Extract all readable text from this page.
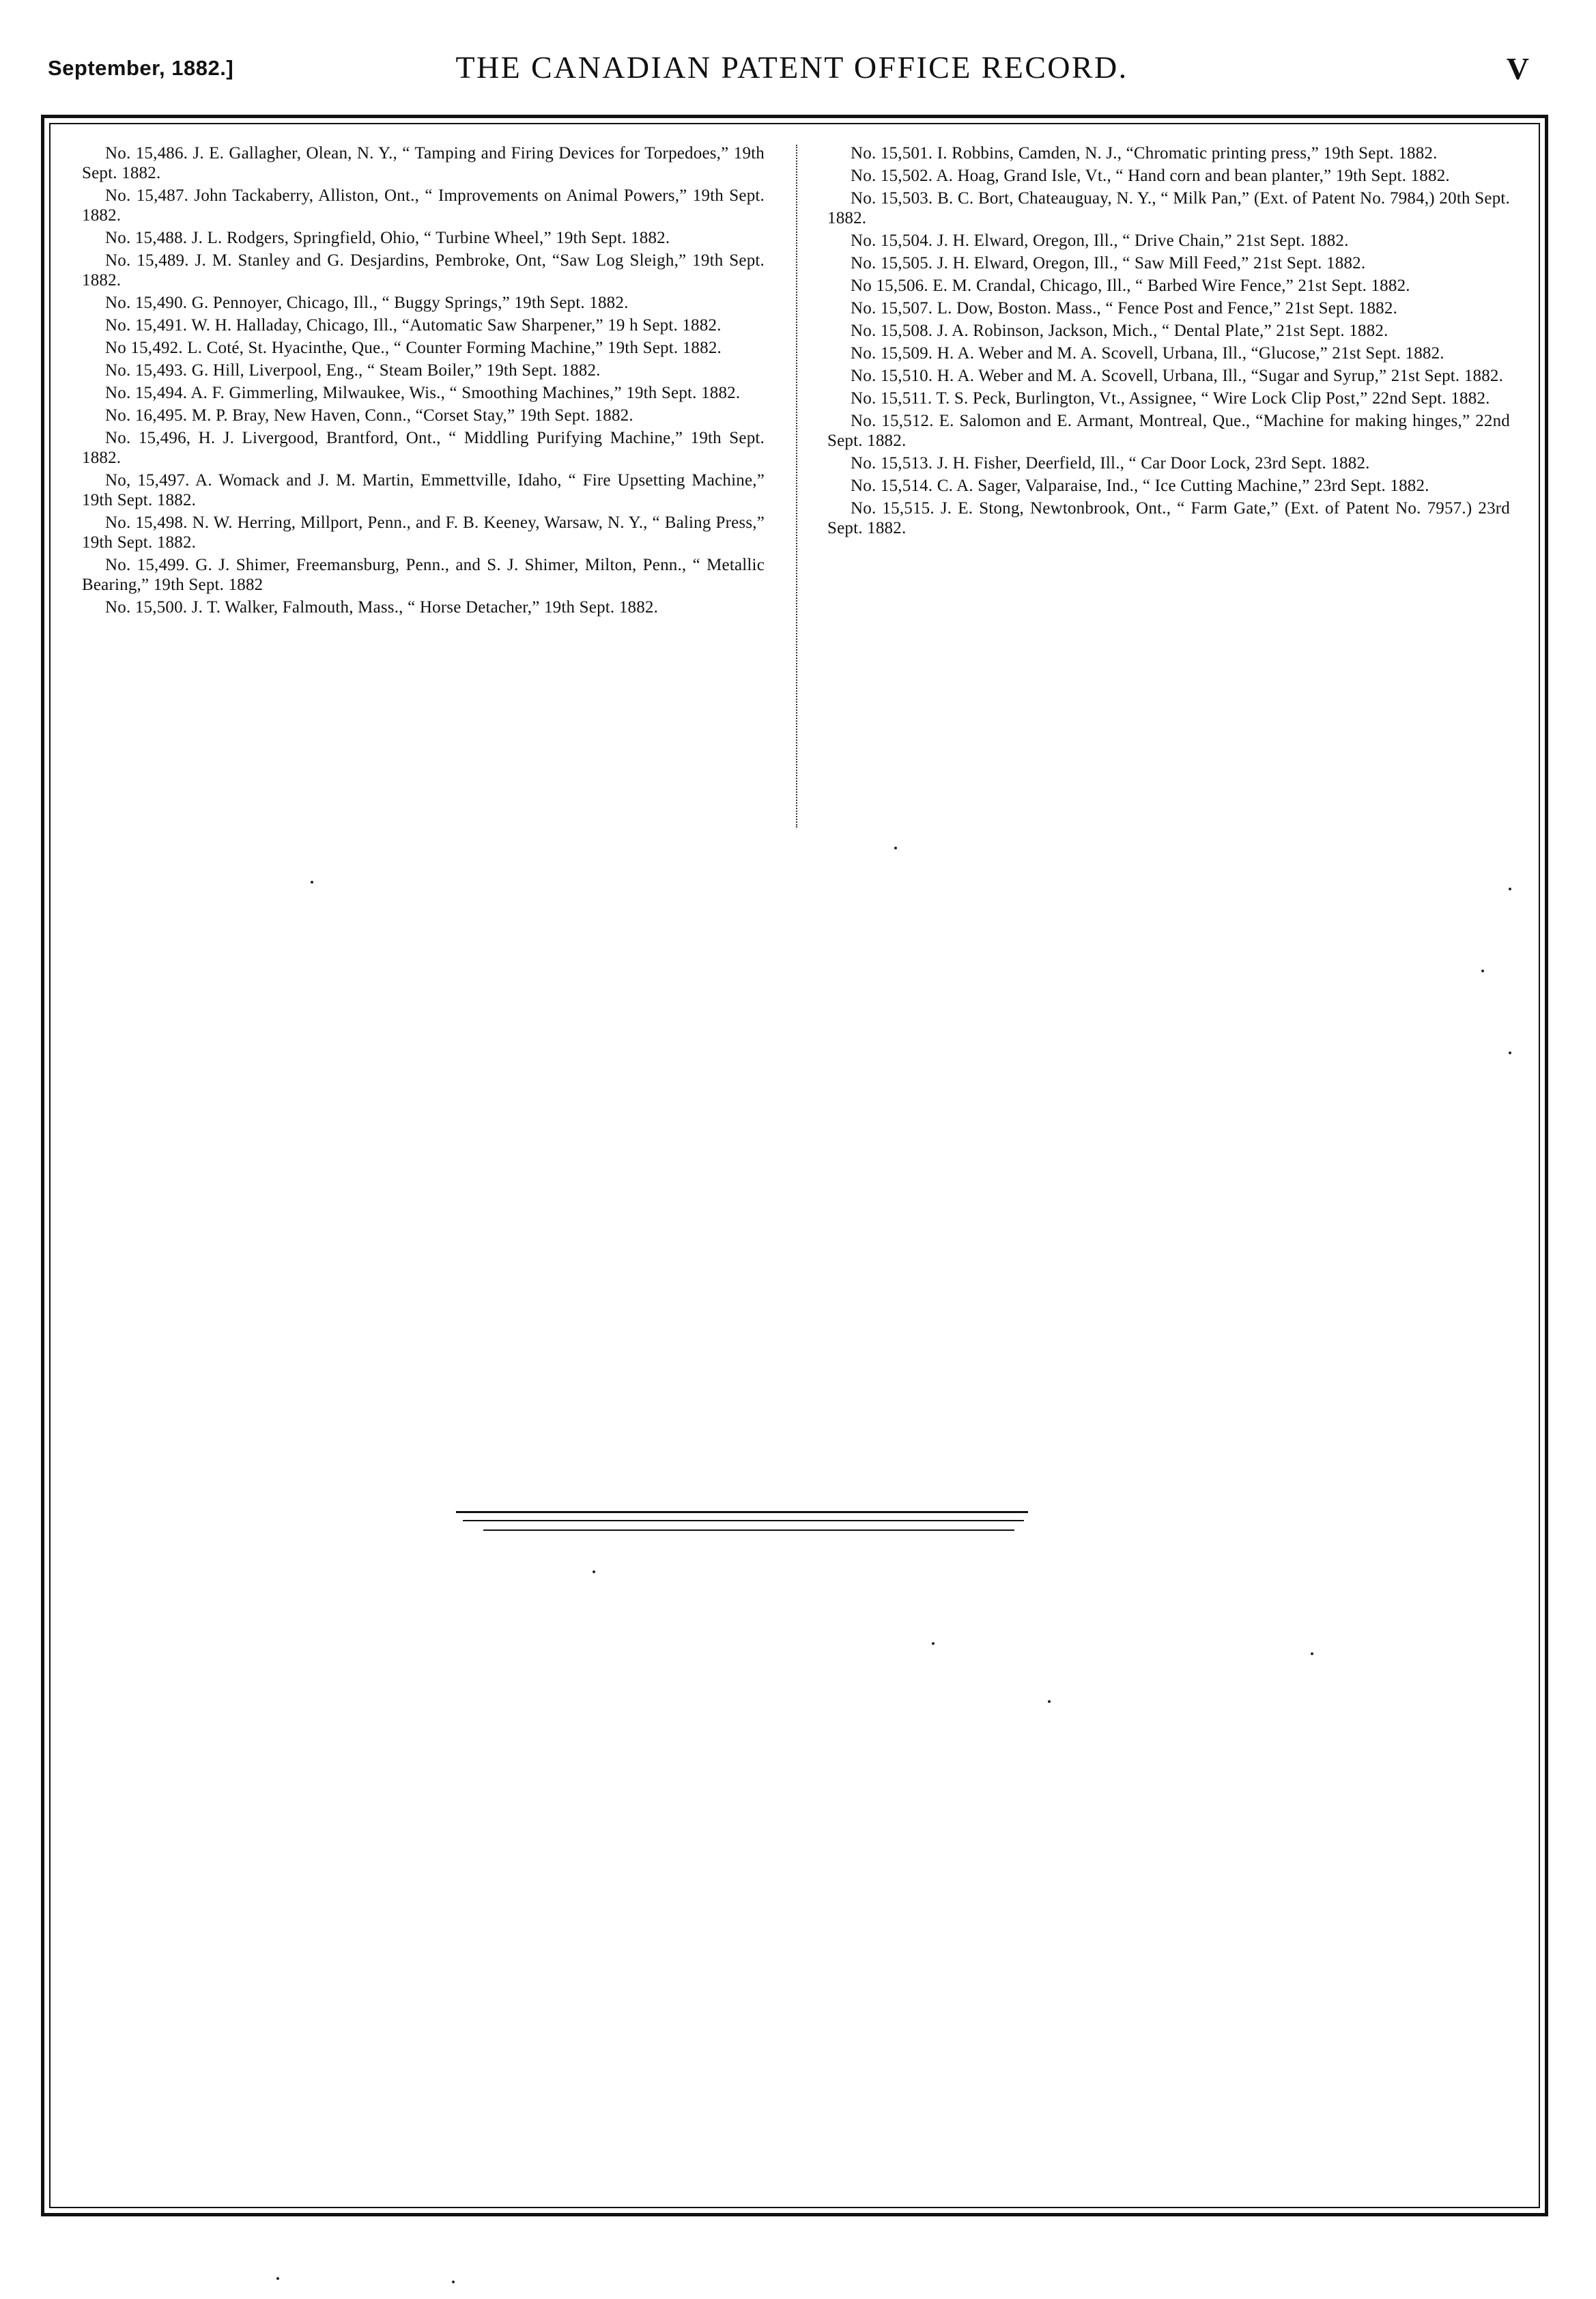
September, 1882.]	THE CANADIAN PATENT OFFICE RECORD.	V

No. 15,486. J. E. Gallagher, Olean, N. Y., “ Tamping and Firing Devices for Torpedoes,” 19th Sept. 1882.

No. 15,487. John Tackaberry, Alliston, Ont., “ Improvements on Animal Powers,” 19th Sept. 1882.

No. 15,488. J. L. Rodgers, Springfield, Ohio, “ Turbine Wheel,” 19th Sept. 1882.

No. 15,489. J. M. Stanley and G. Desjardins, Pembroke, Ont, “Saw Log Sleigh,” 19th Sept. 1882.

No. 15,490. G. Pennoyer, Chicago, Ill., “ Buggy Springs,” 19th Sept. 1882.

No. 15,491. W. H. Halladay, Chicago, Ill., “Automatic Saw Sharpener,” 19 h Sept. 1882.

No 15,492. L. Coté, St. Hyacinthe, Que., “ Counter Forming Machine,” 19th Sept. 1882.

No. 15,493. G. Hill, Liverpool, Eng., “ Steam Boiler,” 19th Sept. 1882.

No. 15,494. A. F. Gimmerling, Milwaukee, Wis., “ Smoothing Machines,” 19th Sept. 1882.

No. 16,495. M. P. Bray, New Haven, Conn., “Corset Stay,” 19th Sept. 1882.

No. 15,496, H. J. Livergood, Brantford, Ont., “ Middling Purifying Machine,” 19th Sept. 1882.

No, 15,497. A. Womack and J. M. Martin, Emmettville, Idaho, “ Fire Upsetting Machine,” 19th Sept. 1882.

No. 15,498. N. W. Herring, Millport, Penn., and F. B. Keeney, Warsaw, N. Y., “ Baling Press,” 19th Sept. 1882.

No. 15,499. G. J. Shimer, Freemansburg, Penn., and S. J. Shimer, Milton, Penn., “ Metallic Bearing,” 19th Sept. 1882

No. 15,500. J. T. Walker, Falmouth, Mass., “ Horse Detacher,” 19th Sept. 1882.

No. 15,501. I. Robbins, Camden, N. J., “Chromatic printing press,” 19th Sept. 1882.

No. 15,502. A. Hoag, Grand Isle, Vt., “ Hand corn and bean planter,” 19th Sept. 1882.

No. 15,503. B. C. Bort, Chateauguay, N. Y., “ Milk Pan,” (Ext. of Patent No. 7984,) 20th Sept. 1882.

No. 15,504. J. H. Elward, Oregon, Ill., “ Drive Chain,” 21st Sept. 1882.

No. 15,505. J. H. Elward, Oregon, Ill., “ Saw Mill Feed,” 21st Sept. 1882.

No 15,506. E. M. Crandal, Chicago, Ill., “ Barbed Wire Fence,” 21st Sept. 1882.

No. 15,507. L. Dow, Boston. Mass., “ Fence Post and Fence,” 21st Sept. 1882.

No. 15,508. J. A. Robinson, Jackson, Mich., “ Dental Plate,” 21st Sept. 1882.

No. 15,509. H. A. Weber and M. A. Scovell, Urbana, Ill., “Glucose,” 21st Sept. 1882.

No. 15,510. H. A. Weber and M. A. Scovell, Urbana, Ill., “Sugar and Syrup,” 21st Sept. 1882.

No. 15,511. T. S. Peck, Burlington, Vt., Assignee, “ Wire Lock Clip Post,” 22nd Sept. 1882.

No. 15,512. E. Salomon and E. Armant, Montreal, Que., “Machine for making hinges,” 22nd Sept. 1882.

No. 15,513. J. H. Fisher, Deerfield, Ill., “ Car Door Lock, 23rd Sept. 1882.

No. 15,514. C. A. Sager, Valparaise, Ind., “ Ice Cutting Machine,” 23rd Sept. 1882.

No. 15,515. J. E. Stong, Newtonbrook, Ont., “ Farm Gate,” (Ext. of Patent No. 7957.) 23rd Sept. 1882.
